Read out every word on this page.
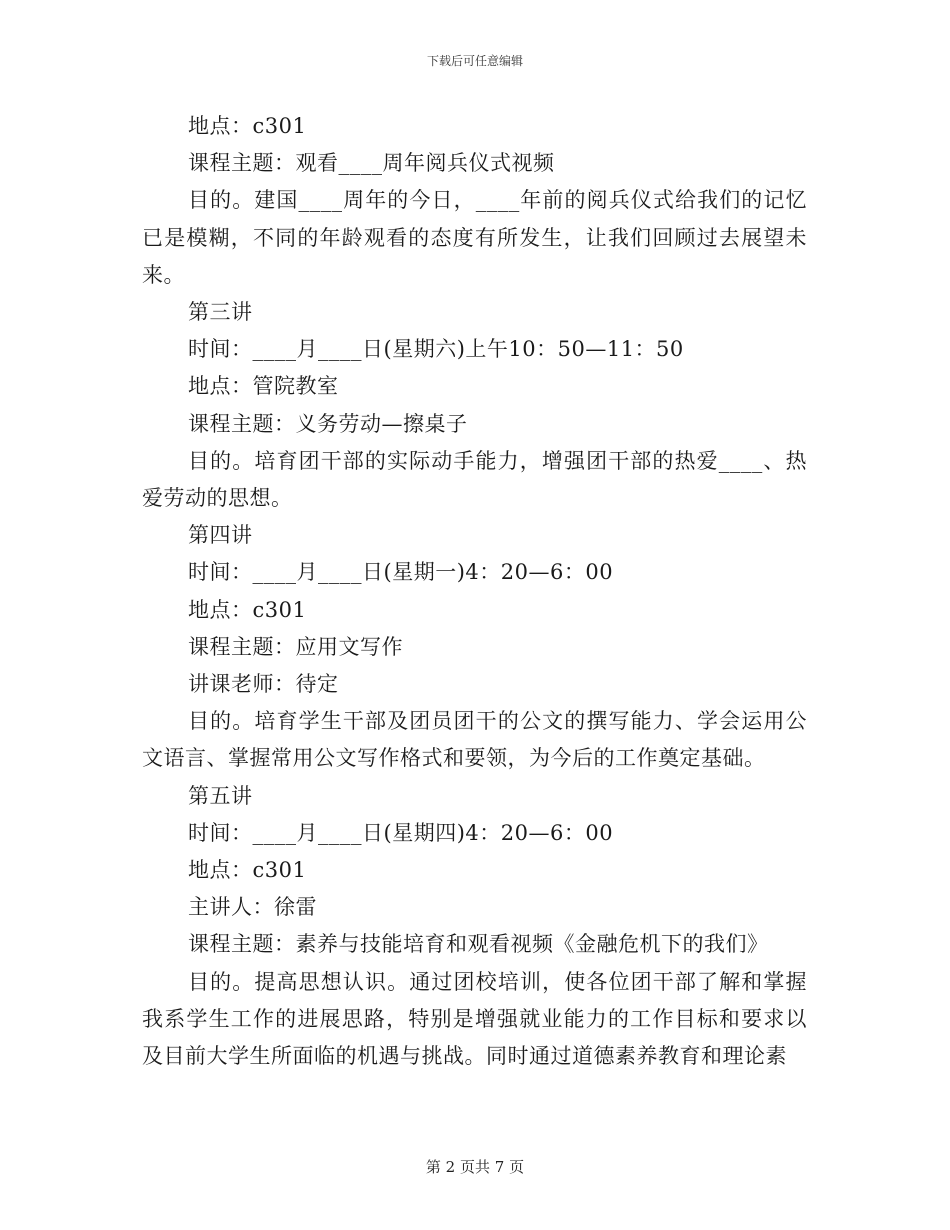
下载后可任意编辑

地点：c301

课程主题：观看____周年阅兵仪式视频

目的。建国____周年的今日，____年前的阅兵仪式给我们的记忆已是模糊，不同的年龄观看的态度有所发生，让我们回顾过去展望未来。

第三讲

时间：____月____日(星期六)上午10：50—11：50

地点：管院教室

课程主题：义务劳动—擦桌子

目的。培育团干部的实际动手能力，增强团干部的热爱____、热爱劳动的思想。

第四讲

时间：____月____日(星期一)4：20—6：00

地点：c301

课程主题：应用文写作

讲课老师：待定

目的。培育学生干部及团员团干的公文的撰写能力、学会运用公文语言、掌握常用公文写作格式和要领，为今后的工作奠定基础。

第五讲

时间：____月____日(星期四)4：20—6：00

地点：c301

主讲人：徐雷

课程主题：素养与技能培育和观看视频《金融危机下的我们》

目的。提高思想认识。通过团校培训，使各位团干部了解和掌握我系学生工作的进展思路，特别是增强就业能力的工作目标和要求以及目前大学生所面临的机遇与挑战。同时通过道德素养教育和理论素

第 2 页共 7 页
